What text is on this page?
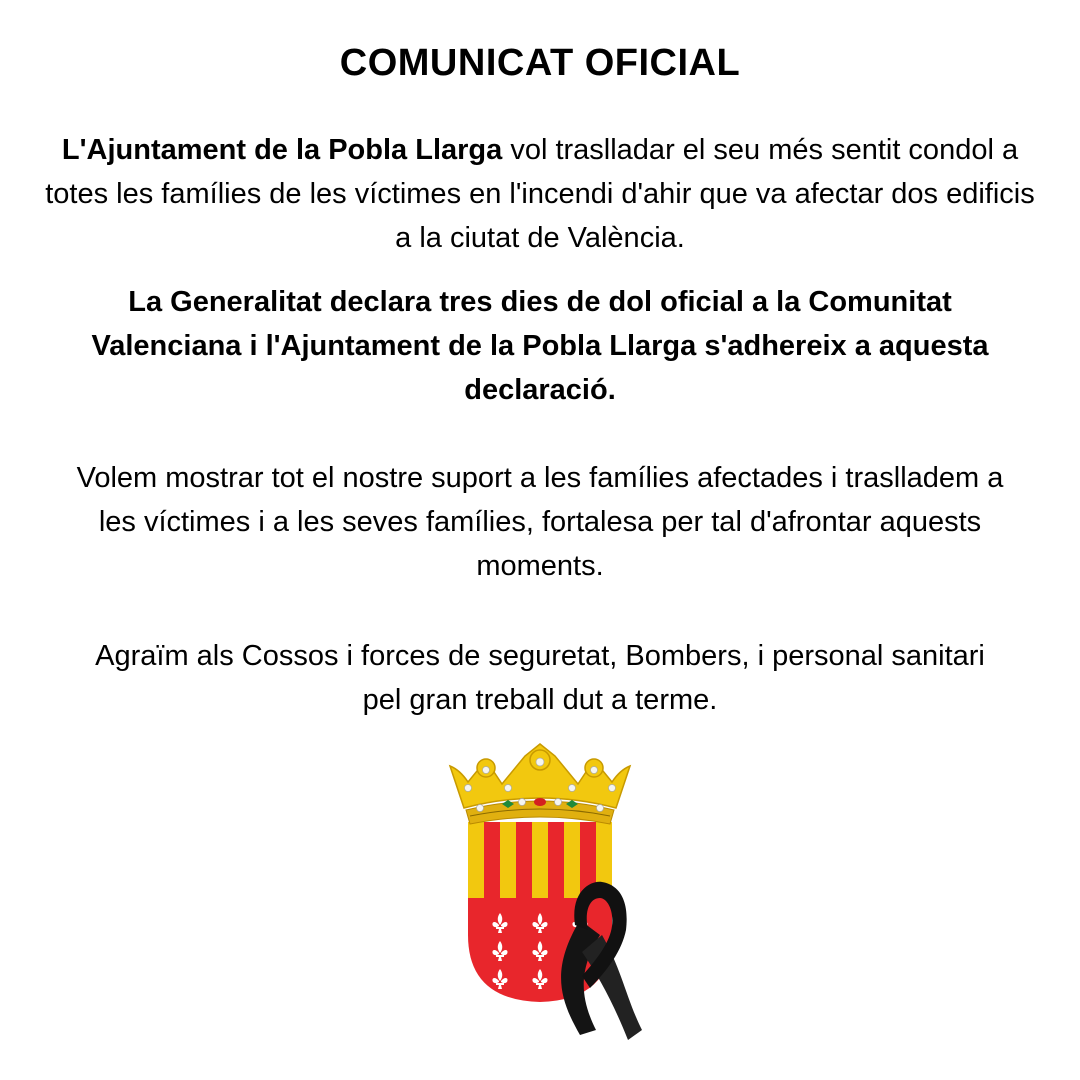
COMUNICAT OFICIAL
L'Ajuntament de la Pobla Llarga vol traslladar el seu més sentit condol a totes les famílies de les víctimes en l'incendi d'ahir que va afectar dos edificis a la ciutat de València.
La Generalitat declara tres dies de dol oficial a la Comunitat Valenciana i l'Ajuntament de la Pobla Llarga s'adhereix a aquesta declaració.
Volem mostrar tot el nostre suport a les famílies afectades i traslladem a les víctimes i a les seves famílies, fortalesa per tal d'afrontar aquests moments.
Agraïm als Cossos i forces de seguretat, Bombers, i personal sanitari pel gran treball dut a terme.
